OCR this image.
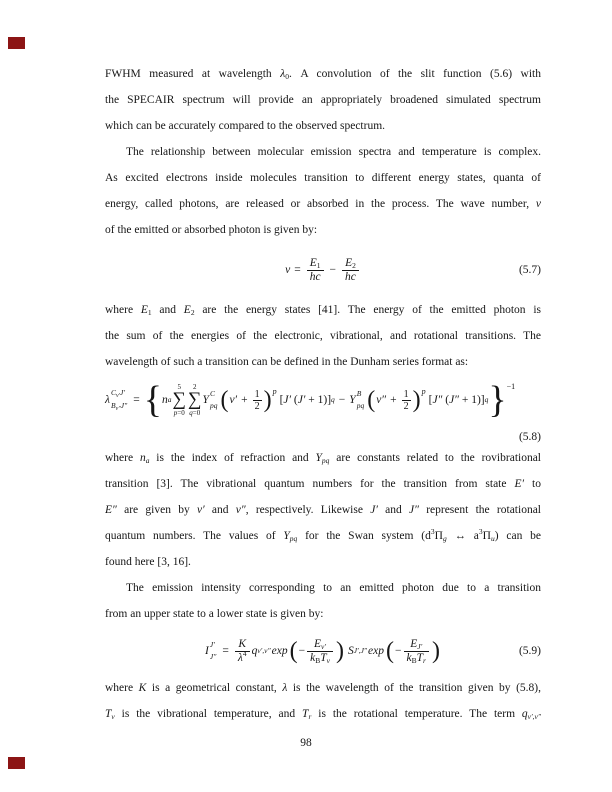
FWHM measured at wavelength $\lambda_0$. A convolution of the slit function (5.6) with
the SPECAIR spectrum will provide an appropriately broadened simulated spectrum
which can be accurately compared to the observed spectrum.
The relationship between molecular emission spectra and temperature is complex.
As excited electrons inside molecules transition to different energy states, quanta of
energy, called photons, are released or absorbed in the process. The wave number, ν
of the emitted or absorbed photon is given by:
$\nu = \frac{E_1}{hc} - \frac{E_2}{hc}$	(5.7)
where $E_1$ and $E_2$ are the energy states [41]. The energy of the emitted photon is
the sum of the energies of the electronic, vibrational, and rotational transitions. The
wavelength of such a transition can be defined in the Dunham series format as:
λ
$C_{v'}J'$
$B_{v''}J''$ = { n a
5
∑
p=0
2
∑
q=0
Y
C
pq ( $v' + \frac{1}{2}$ ) p
[J′ (J′ + 1)] q − Y
B
pq ( $v'' + \frac{1}{2}$ ) p
[J″ (J″ + 1)] q } −1
(5.8)
where $n_a$ is the index of refraction and $Y_{pq}$ are constants related to the rovibrational
transition [3]. The vibrational quantum numbers for the transition from state E′ to
E″ are given by v′ and v″, respectively. Likewise J′ and J″ represent the rotational
quantum numbers. The values of $Y_{pq}$ for the Swan system ($d^3\Pi_g$ ↔ $a^3\Pi_u$) can be
found here [3, 16].
The emission intensity corresponding to an emitted photon due to a transition
from an upper state to a lower state is given by:
I
J′
$J'' = \frac{K}{\lambda^4}$ q v′,v″ exp ( − $\frac{E_{v'}}{k_BT_v}$ ) S J′,J″ exp ( − $\frac{E_{J'}}{k_BT_r}$ )	(5.9)
where K is a geometrical constant, λ is the wavelength of the transition given by (5.8),
$T_v$ is the vibrational temperature, and $T_r$ is the rotational temperature. The term $q_{v',v''}$
98
